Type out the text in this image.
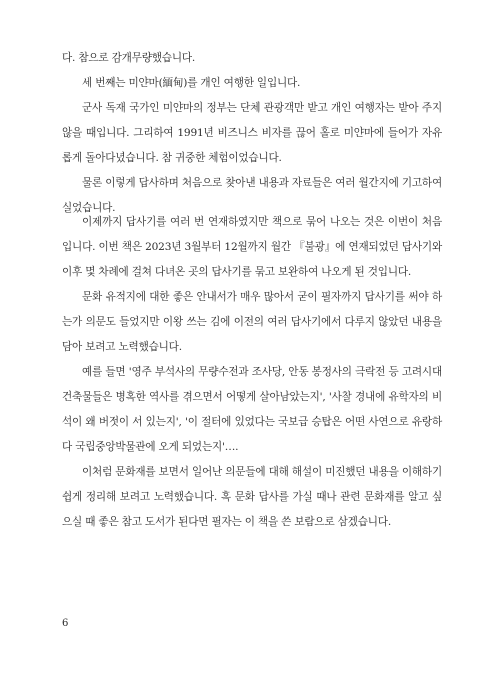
다. 참으로 감개무량했습니다.

세 번째는 미얀마(緬甸)를 개인 여행한 일입니다.

군사 독재 국가인 미얀마의 정부는 단체 관광객만 받고 개인 여행자는 받아 주지 않을 때입니다. 그리하여 1991년 비즈니스 비자를 끊어 홀로 미얀마에 들어가 자유롭게 돌아다녔습니다. 참 귀중한 체험이었습니다.

물론 이렇게 답사하며 처음으로 찾아낸 내용과 자료들은 여러 월간지에 기고하여 실었습니다.

이제까지 답사기를 여러 번 연재하였지만 책으로 묶어 나오는 것은 이번이 처음입니다. 이번 책은 2023년 3월부터 12월까지 월간 『불광』에 연재되었던 답사기와 이후 몇 차례에 걸쳐 다녀온 곳의 답사기를 묶고 보완하여 나오게 된 것입니다.

문화 유적지에 대한 좋은 안내서가 매우 많아서 굳이 필자까지 답사기를 써야 하는가 의문도 들었지만 이왕 쓰는 김에 이전의 여러 답사기에서 다루지 않았던 내용을 담아 보려고 노력했습니다.

예를 들면 '영주 부석사의 무량수전과 조사당, 안동 봉정사의 극락전 등 고려시대 건축물들은 병혹한 역사를 겪으면서 어떻게 살아남았는지', '사찰 경내에 유학자의 비석이 왜 버젓이 서 있는지', '이 절터에 있었다는 국보급 승탑은 어떤 사연으로 유랑하다 국립중앙박물관에 오게 되었는지'….

이처럼 문화재를 보면서 일어난 의문들에 대해 해설이 미진했던 내용을 이해하기 쉽게 정리해 보려고 노력했습니다. 혹 문화 답사를 가실 때나 관련 문화재를 알고 싶으실 때 좋은 참고 도서가 된다면 필자는 이 책을 쓴 보람으로 삼겠습니다.

6
